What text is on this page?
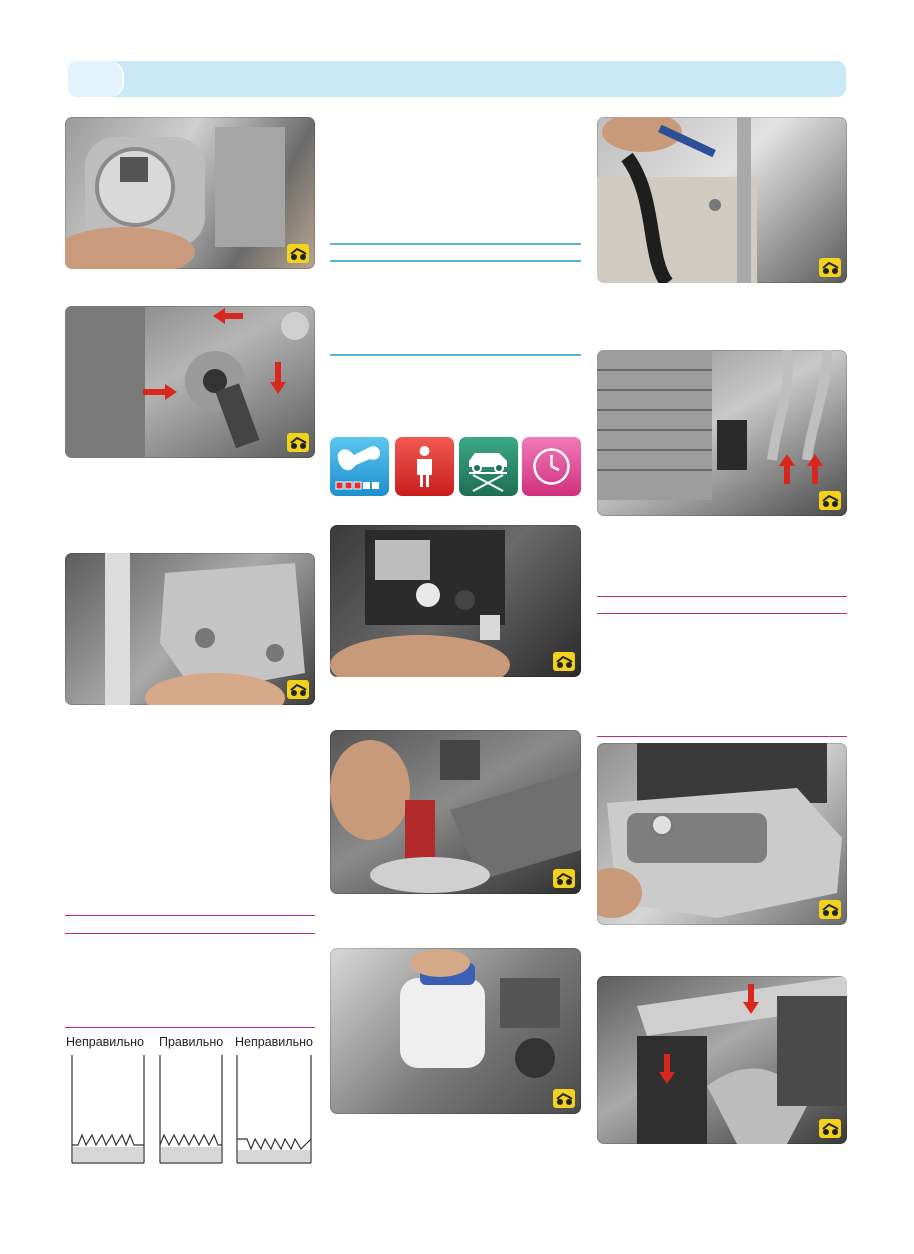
Неправильно Правильно Неправильно
